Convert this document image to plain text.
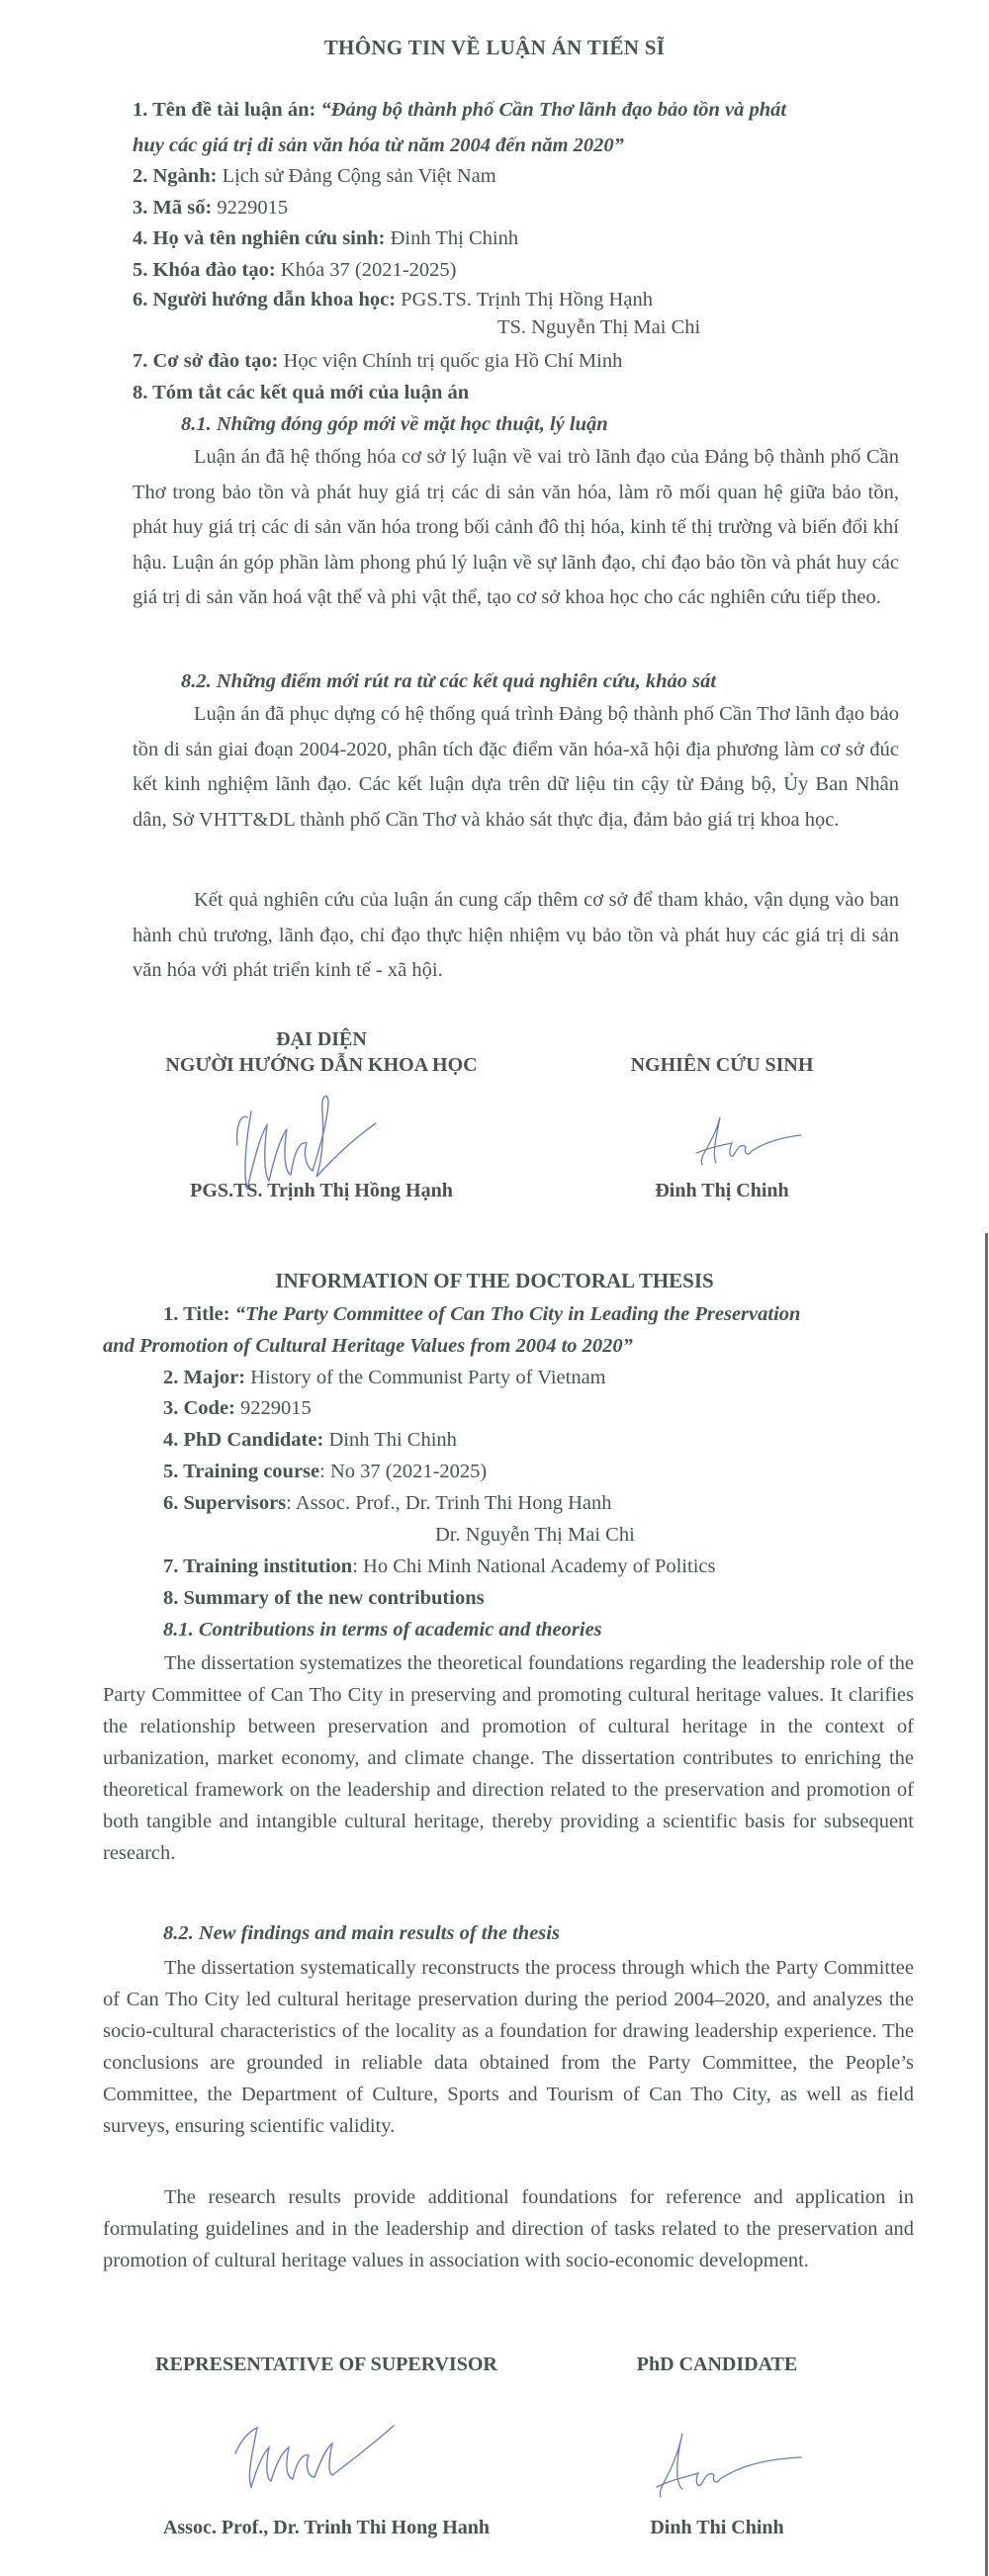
THÔNG TIN VỀ LUẬN ÁN TIẾN SĨ
1. Tên đề tài luận án: “Đảng bộ thành phố Cần Thơ lãnh đạo bảo tồn và phát
huy các giá trị di sản văn hóa từ năm 2004 đến năm 2020”
2. Ngành: Lịch sử Đảng Cộng sản Việt Nam
3. Mã số: 9229015
4. Họ và tên nghiên cứu sinh: Đinh Thị Chinh
5. Khóa đào tạo: Khóa 37 (2021-2025)
6. Người hướng dẫn khoa học: PGS.TS. Trịnh Thị Hồng Hạnh
TS. Nguyễn Thị Mai Chi
7. Cơ sở đào tạo: Học viện Chính trị quốc gia Hồ Chí Minh
8. Tóm tắt các kết quả mới của luận án
8.1. Những đóng góp mới về mặt học thuật, lý luận
Luận án đã hệ thống hóa cơ sở lý luận về vai trò lãnh đạo của Đảng bộ thành phố Cần Thơ trong bảo tồn và phát huy giá trị các di sản văn hóa, làm rõ mối quan hệ giữa bảo tồn, phát huy giá trị các di sản văn hóa trong bối cảnh đô thị hóa, kinh tế thị trường và biến đổi khí hậu. Luận án góp phần làm phong phú lý luận về sự lãnh đạo, chỉ đạo bảo tồn và phát huy các giá trị di sản văn hoá vật thể và phi vật thể, tạo cơ sở khoa học cho các nghiên cứu tiếp theo.
8.2. Những điểm mới rút ra từ các kết quả nghiên cứu, khảo sát
Luận án đã phục dựng có hệ thống quá trình Đảng bộ thành phố Cần Thơ lãnh đạo bảo tồn di sản giai đoạn 2004-2020, phân tích đặc điểm văn hóa-xã hội địa phương làm cơ sở đúc kết kinh nghiệm lãnh đạo. Các kết luận dựa trên dữ liệu tin cậy từ Đảng bộ, Ủy Ban Nhân dân, Sở VHTT&DL thành phố Cần Thơ và khảo sát thực địa, đảm bảo giá trị khoa học.
Kết quả nghiên cứu của luận án cung cấp thêm cơ sở để tham khảo, vận dụng vào ban hành chủ trương, lãnh đạo, chỉ đạo thực hiện nhiệm vụ bảo tồn và phát huy các giá trị di sản văn hóa với phát triển kinh tế - xã hội.
ĐẠI DIỆN
NGƯỜI HƯỚNG DẪN KHOA HỌC	NGHIÊN CỨU SINH
PGS.TS. Trịnh Thị Hồng Hạnh	Đinh Thị Chinh
INFORMATION OF THE DOCTORAL THESIS
1. Title: “The Party Committee of Can Tho City in Leading the Preservation
and Promotion of Cultural Heritage Values from 2004 to 2020”
2. Major: History of the Communist Party of Vietnam
3. Code: 9229015
4. PhD Candidate: Dinh Thi Chinh
5. Training course: No 37 (2021-2025)
6. Supervisors: Assoc. Prof., Dr. Trinh Thi Hong Hanh
Dr. Nguyễn Thị Mai Chi
7. Training institution: Ho Chi Minh National Academy of Politics
8. Summary of the new contributions
8.1. Contributions in terms of academic and theories
The dissertation systematizes the theoretical foundations regarding the leadership role of the Party Committee of Can Tho City in preserving and promoting cultural heritage values. It clarifies the relationship between preservation and promotion of cultural heritage in the context of urbanization, market economy, and climate change. The dissertation contributes to enriching the theoretical framework on the leadership and direction related to the preservation and promotion of both tangible and intangible cultural heritage, thereby providing a scientific basis for subsequent research.
8.2. New findings and main results of the thesis
The dissertation systematically reconstructs the process through which the Party Committee of Can Tho City led cultural heritage preservation during the period 2004–2020, and analyzes the socio-cultural characteristics of the locality as a foundation for drawing leadership experience. The conclusions are grounded in reliable data obtained from the Party Committee, the People’s Committee, the Department of Culture, Sports and Tourism of Can Tho City, as well as field surveys, ensuring scientific validity.
The research results provide additional foundations for reference and application in formulating guidelines and in the leadership and direction of tasks related to the preservation and promotion of cultural heritage values in association with socio-economic development.
REPRESENTATIVE OF SUPERVISOR	PhD CANDIDATE
Assoc. Prof., Dr. Trinh Thi Hong Hanh	Dinh Thi Chinh
